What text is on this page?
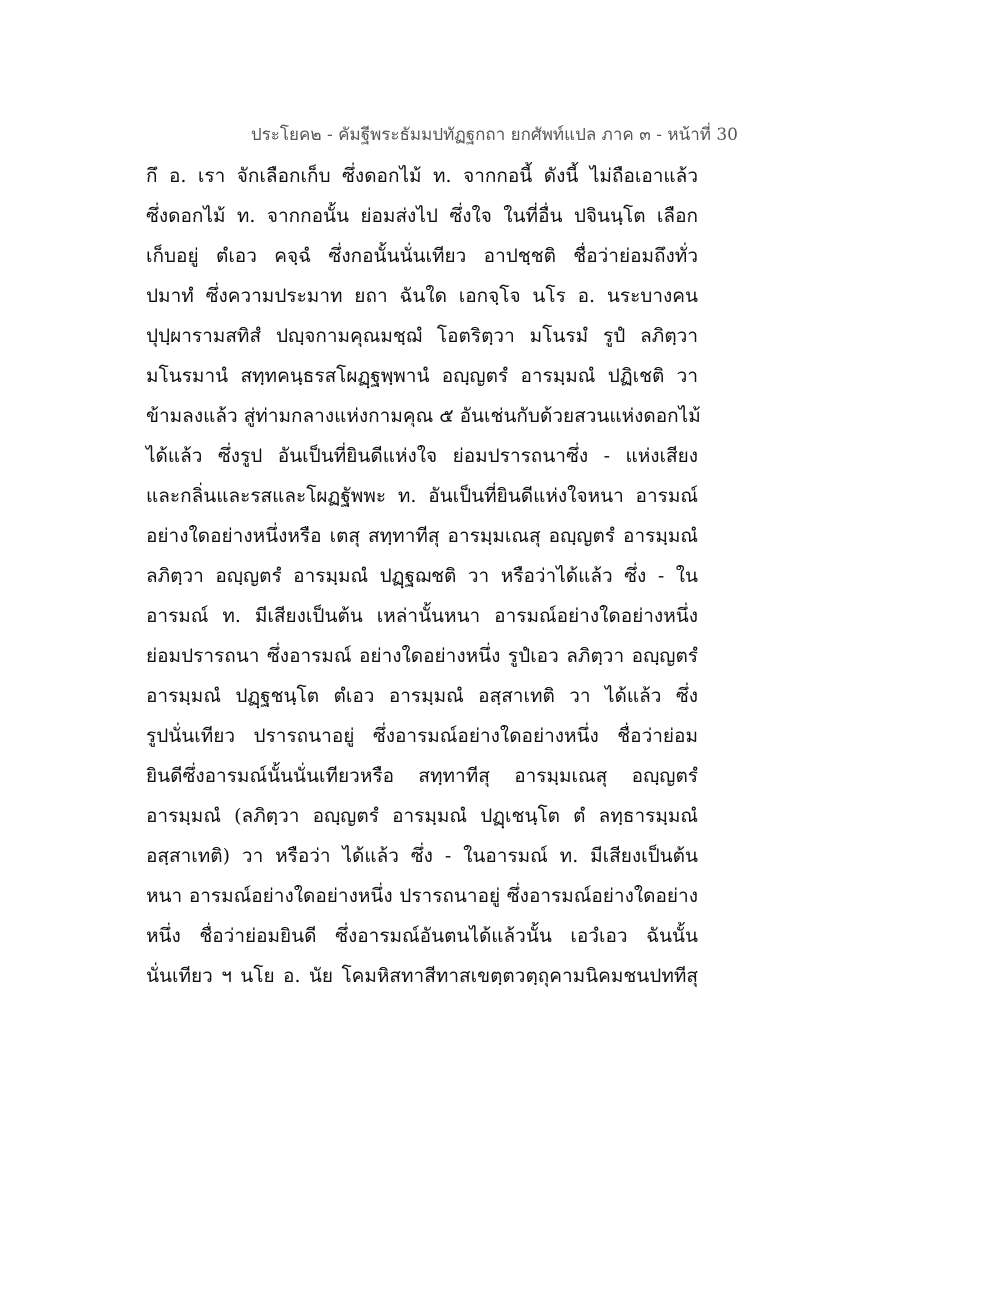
ประโยค๒ - คัมฐีพระธัมมปทัฏฐกถา ยกศัพท์แปล ภาค ๓ - หน้าที่ 30
กึ อ. เรา จักเลือกเก็บ ซึ่งดอกไม้ ท. จากกอนี้ ดังนี้ ไม่ถือเอาแล้ว
ซึ่งดอกไม้ ท. จากกอนั้น ย่อมส่งไป ซึ่งใจ ในที่อื่น ปจินนฺโต เลือก
เก็บอยู่ ตํเอว คจฺฉํ ซึ่งกอนั้นนั่นเทียว อาปชฺชติ ชื่อว่าย่อมถึงทั่ว
ปมาทํ ซึ่งความประมาท ยถา ฉันใด เอกจฺโจ นโร อ. นระบางคน
ปุปฺผารามสทิสํ ปญฺจกามคุณมชฺฌํ โอตริตฺวา มโนรมํ รูปํ ลภิตฺวา
มโนรมานํ สทฺทคนฺธรสโผฏฺฐพฺพานํ อญฺญตรํ อารมฺมณํ ปฏิเชติ วา
ข้ามลงแล้ว สู่ท่ามกลางแห่งกามคุณ ๕ อันเช่นกับด้วยสวนแห่งดอกไม้
ได้แล้ว ซึ่งรูป อันเป็นที่ยินดีแห่งใจ ย่อมปรารถนาซึ่ง - แห่งเสียง
และกลิ่นและรสและโผฏฐัพพะ ท. อันเป็นที่ยินดีแห่งใจหนา อารมณ์
อย่างใดอย่างหนึ่งหรือ เตสุ สทฺทาทีสุ อารมฺมเณสุ อญฺญตรํ อารมฺมณํ
ลภิตฺวา อญฺญตรํ อารมฺมณํ ปฏฺฐฌชติ วา หรือว่าได้แล้ว ซึ่ง - ใน
อารมณ์ ท. มีเสียงเป็นต้น เหล่านั้นหนา อารมณ์อย่างใดอย่างหนึ่ง
ย่อมปรารถนา ซึ่งอารมณ์ อย่างใดอย่างหนึ่ง รูปํเอว ลภิตฺวา อญฺญตรํ
อารมฺมณํ ปฏฺฐชนฺโต ตํเอว อารมฺมณํ อสฺสาเทติ วา ได้แล้ว ซึ่ง
รูปนั่นเทียว ปรารถนาอยู่ ซึ่งอารมณ์อย่างใดอย่างหนึ่ง ชื่อว่าย่อม
ยินดีซึ่งอารมณ์นั้นนั่นเทียวหรือ สทฺทาทีสุ อารมฺมเณสุ อญฺญตรํ
อารมฺมณํ (ลภิตฺวา อญฺญตรํ อารมฺมณํ ปฏฺเชนฺโต ตํ ลทฺธารมฺมณํ
อสฺสาเทติ) วา หรือว่า ได้แล้ว ซึ่ง - ในอารมณ์ ท. มีเสียงเป็นต้น
หนา อารมณ์อย่างใดอย่างหนึ่ง ปรารถนาอยู่ ซึ่งอารมณ์อย่างใดอย่าง
หนึ่ง ชื่อว่าย่อมยินดี ซึ่งอารมณ์อันตนได้แล้วนั้น เอวํเอว ฉันนั้น
นั่นเทียว ฯ นโย อ. นัย โคมหิสทาสีทาสเขตฺตวตฺถุคามนิคมชนปททีสุ
